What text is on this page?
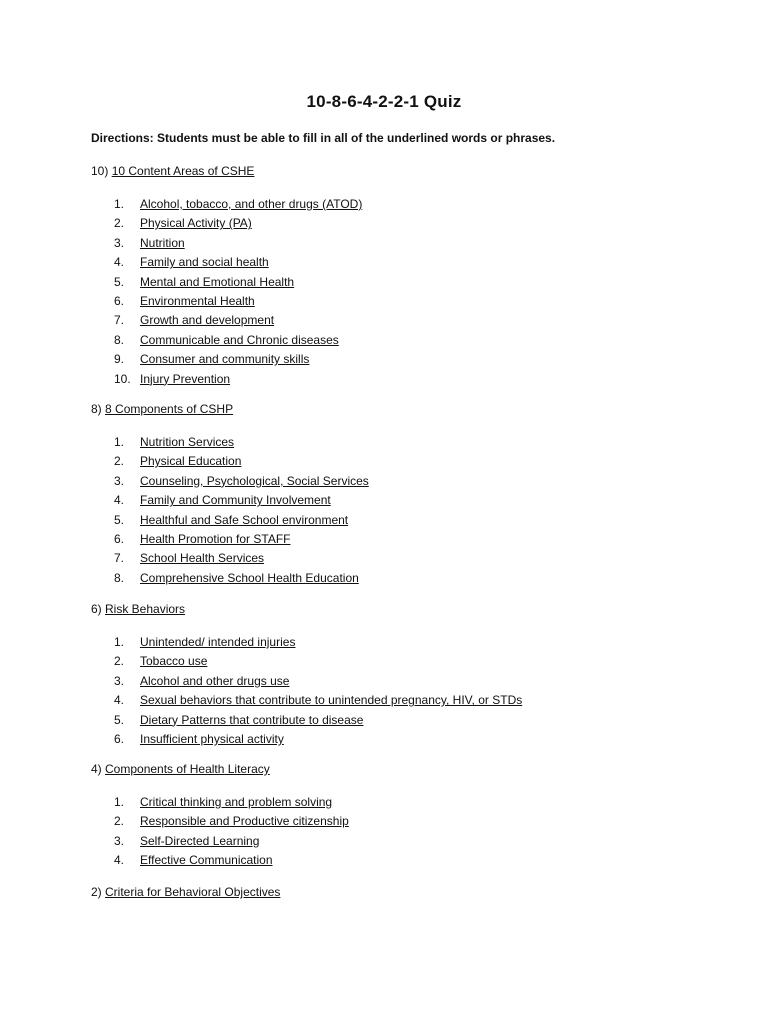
10-8-6-4-2-2-1 Quiz
Directions: Students must be able to fill in all of the underlined words or phrases.
10) 10 Content Areas of CSHE
1. Alcohol, tobacco, and other drugs (ATOD)
2. Physical Activity (PA)
3. Nutrition
4. Family and social health
5. Mental and Emotional Health
6. Environmental Health
7. Growth and development
8. Communicable and Chronic diseases
9. Consumer and community skills
10. Injury Prevention
8) 8 Components of CSHP
1. Nutrition Services
2. Physical Education
3. Counseling, Psychological, Social Services
4. Family and Community Involvement
5. Healthful and Safe School environment
6. Health Promotion for STAFF
7. School Health Services
8. Comprehensive School Health Education
6) Risk Behaviors
1. Unintended/ intended injuries
2. Tobacco use
3. Alcohol and other drugs use
4. Sexual behaviors that contribute to unintended pregnancy, HIV, or STDs
5. Dietary Patterns that contribute to disease
6. Insufficient physical activity
4) Components of Health Literacy
1. Critical thinking and problem solving
2. Responsible and Productive citizenship
3. Self-Directed Learning
4. Effective Communication
2) Criteria for Behavioral Objectives
